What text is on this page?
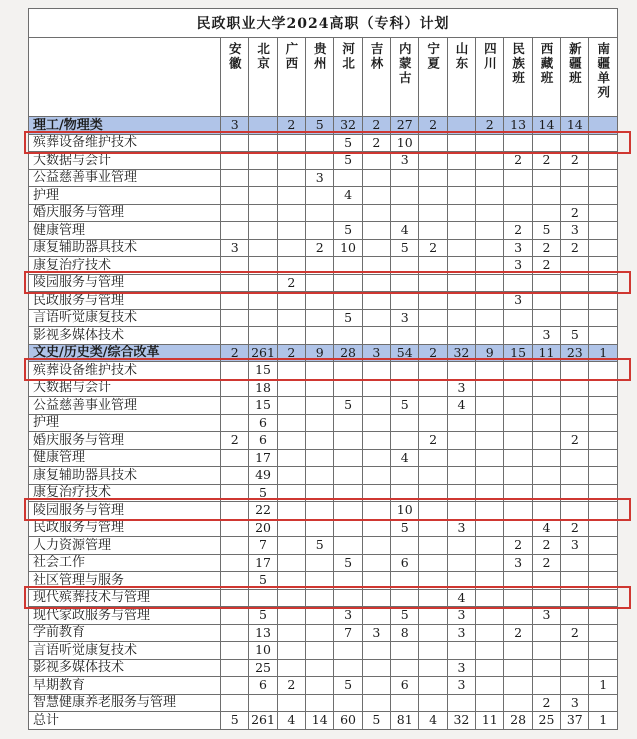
民政职业大学2024高职（专科）计划														
	安徽	北京	广西	贵州	河北	吉林	内蒙古	宁夏	山东	四川	民族班	西藏班	新疆班	南疆单列
理工/物理类	3		2	5	32	2	27	2		2	13	14	14	
殡葬设备维护技术					5	2	10							
大数据与会计					5		3				2	2	2	
公益慈善事业管理				3										
护理					4									
婚庆服务与管理													2	
健康管理					5		4				2	5	3	
康复辅助器具技术	3			2	10		5	2			3	2	2	
康复治疗技术											3	2		
陵园服务与管理			2											
民政服务与管理											3			
言语听觉康复技术					5		3							
影视多媒体技术												3	5	
文史/历史类/综合改革	2	261	2	9	28	3	54	2	32	9	15	11	23	1
殡葬设备维护技术		15												
大数据与会计		18							3					
公益慈善事业管理		15			5		5		4					
护理		6												
婚庆服务与管理	2	6						2					2	
健康管理		17					4							
康复辅助器具技术		49												
康复治疗技术		5												
陵园服务与管理		22					10							
民政服务与管理		20					5		3			4	2	
人力资源管理		7		5							2	2	3	
社会工作		17			5		6				3	2		
社区管理与服务		5												
现代殡葬技术与管理									4					
现代家政服务与管理		5			3		5		3			3		
学前教育		13			7	3	8		3		2		2	
言语听觉康复技术		10												
影视多媒体技术		25							3					
早期教育		6	2		5		6		3					1
智慧健康养老服务与管理												2	3	
总计	5	261	4	14	60	5	81	4	32	11	28	25	37	1
